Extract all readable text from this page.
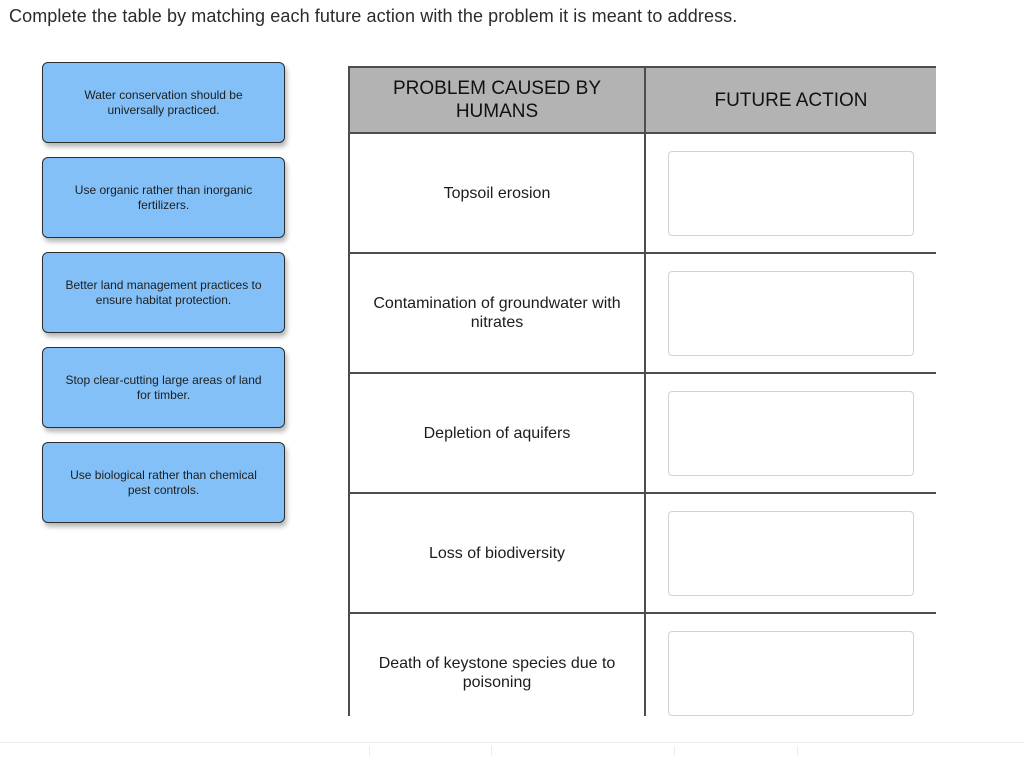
Complete the table by matching each future action with the problem it is meant to address.
Water conservation should be universally practiced.
Use organic rather than inorganic fertilizers.
Better land management practices to ensure habitat protection.
Stop clear-cutting large areas of land for timber.
Use biological rather than chemical pest controls.
PROBLEM CAUSED BY HUMANS	FUTURE ACTION
Topsoil erosion	

Contamination of groundwater with nitrates	

Depletion of aquifers	

Loss of biodiversity	

Death of keystone species due to poisoning	
